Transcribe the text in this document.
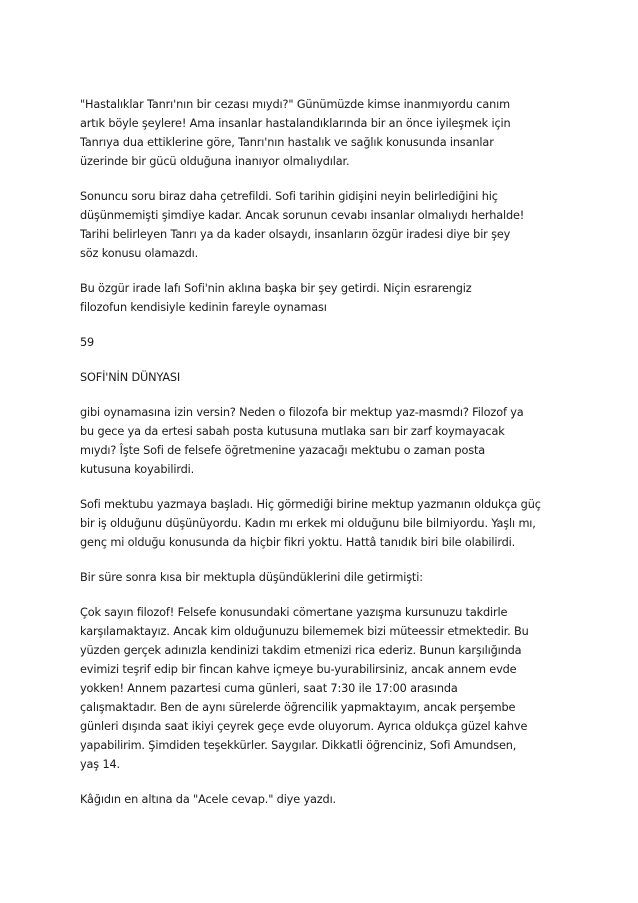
"Hastalıklar Tanrı'nın bir cezası mıydı?" Günümüzde kimse inanmıyordu canım
artık böyle şeylere! Ama insanlar hastalandıklarında bir an önce iyileşmek için
Tanrıya dua ettiklerine göre, Tanrı'nın hastalık ve sağlık konusunda insanlar
üzerinde bir gücü olduğuna inanıyor olmalıydılar.

Sonuncu soru biraz daha çetrefildi. Sofi tarihin gidişini neyin belirlediğini hiç
düşünmemişti şimdiye kadar. Ancak sorunun cevabı insanlar olmalıydı herhalde!
Tarihi belirleyen Tanrı ya da kader olsaydı, insanların özgür iradesi diye bir şey
söz konusu olamazdı.

Bu özgür irade lafı Sofi'nin aklına başka bir şey getirdi. Niçin esrarengiz
filozofun kendisiyle kedinin fareyle oynaması

59

SOFİ'NİN DÜNYASI

gibi oynamasına izin versin? Neden o filozofa bir mektup yaz-masmdı? Filozof ya
bu gece ya da ertesi sabah posta kutusuna mutlaka sarı bir zarf koymayacak
mıydı? Îşte Sofi de felsefe öğretmenine yazacağı mektubu o zaman posta
kutusuna koyabilirdi.

Sofi mektubu yazmaya başladı. Hiç görmediği birine mektup yazmanın oldukça güç
bir iş olduğunu düşünüyordu. Kadın mı erkek mi olduğunu bile bilmiyordu. Yaşlı mı,
genç mi olduğu konusunda da hiçbir fikri yoktu. Hattâ tanıdık biri bile olabilirdi.

Bir süre sonra kısa bir mektupla düşündüklerini dile getirmişti:

Çok sayın filozof! Felsefe konusundaki cömertane yazışma kursunuzu takdirle
karşılamaktayız. Ancak kim olduğunuzu bilememek bizi müteessir etmektedir. Bu
yüzden gerçek adınızla kendinizi takdim etmenizi rica ederiz. Bunun karşılığında
evimizi teşrif edip bir fincan kahve içmeye bu-yurabilirsiniz, ancak annem evde
yokken! Annem pazartesi cuma günleri, saat 7:30 ile 17:00 arasında
çalışmaktadır. Ben de aynı sürelerde öğrencilik yapmaktayım, ancak perşembe
günleri dışında saat ikiyi çeyrek geçe evde oluyorum. Ayrıca oldukça güzel kahve
yapabilirim. Şimdiden teşekkürler. Saygılar. Dikkatli öğrenciniz, Sofi Amundsen,
yaş 14.

Kâğıdın en altına da "Acele cevap." diye yazdı.
